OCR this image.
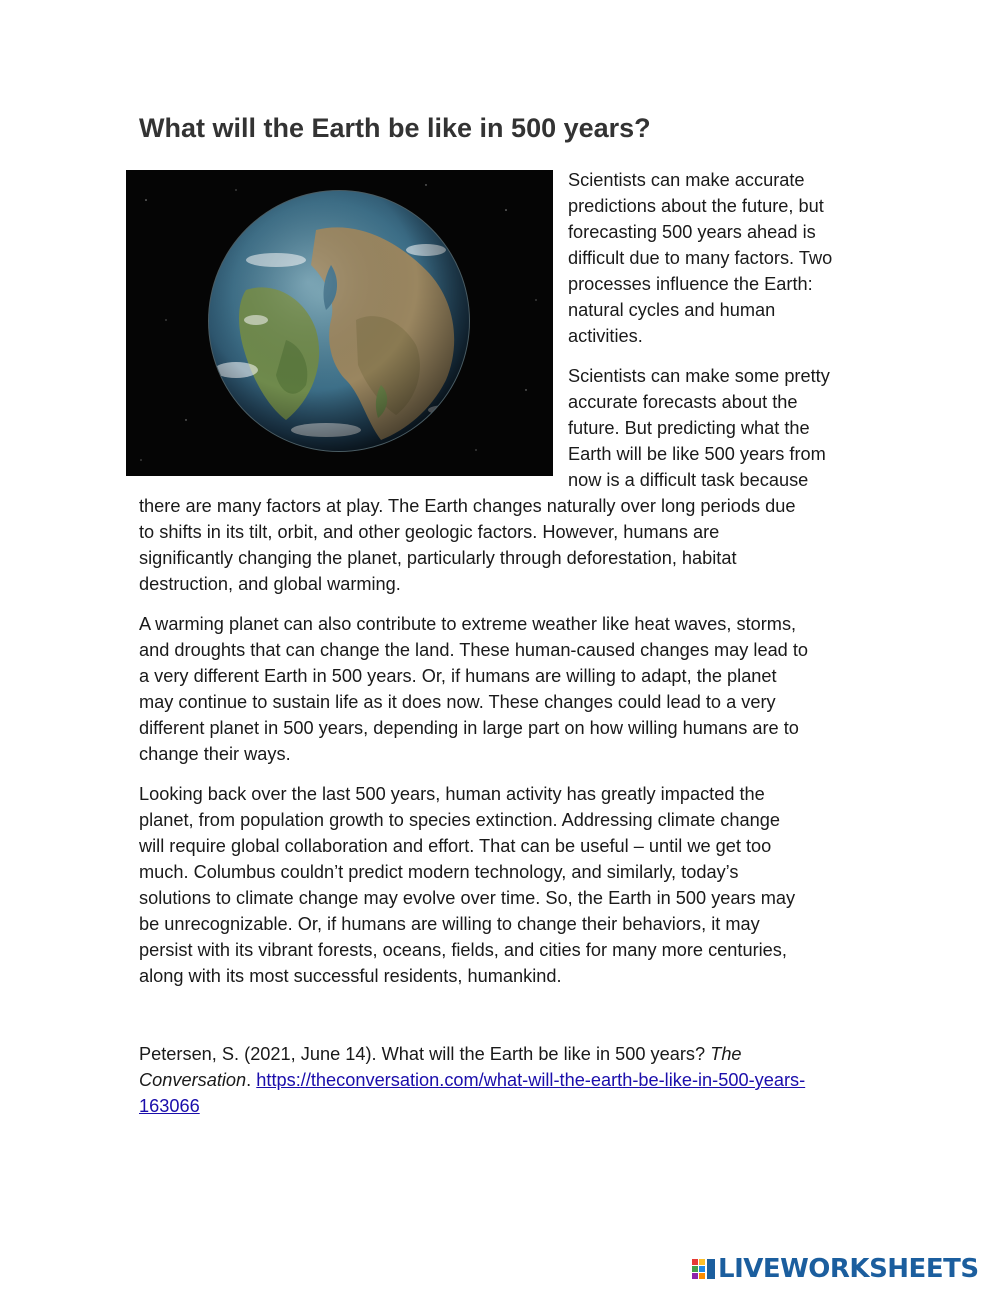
What will the Earth be like in 500 years?
Scientists can make accurate
predictions about the future, but
forecasting 500 years ahead is
difficult due to many factors. Two
processes influence the Earth:
natural cycles and human
activities.
Scientists can make some pretty
accurate forecasts about the
future. But predicting what the
Earth will be like 500 years from
now is a difficult task because
there are many factors at play. The Earth changes naturally over long periods due
to shifts in its tilt, orbit, and other geologic factors. However, humans are
significantly changing the planet, particularly through deforestation, habitat
destruction, and global warming.
A warming planet can also contribute to extreme weather like heat waves, storms,
and droughts that can change the land. These human-caused changes may lead to
a very different Earth in 500 years. Or, if humans are willing to adapt, the planet
may continue to sustain life as it does now. These changes could lead to a very
different planet in 500 years, depending in large part on how willing humans are to
change their ways.
Looking back over the last 500 years, human activity has greatly impacted the
planet, from population growth to species extinction. Addressing climate change
will require global collaboration and effort. That can be useful – until we get too
much. Columbus couldn’t predict modern technology, and similarly, today’s
solutions to climate change may evolve over time. So, the Earth in 500 years may
be unrecognizable. Or, if humans are willing to change their behaviors, it may
persist with its vibrant forests, oceans, fields, and cities for many more centuries,
along with its most successful residents, humankind.
Petersen, S. (2021, June 14). What will the Earth be like in 500 years? The
Conversation. https://theconversation.com/what-will-the-earth-be-like-in-500-years-
163066
LIVEWORKSHEETS
